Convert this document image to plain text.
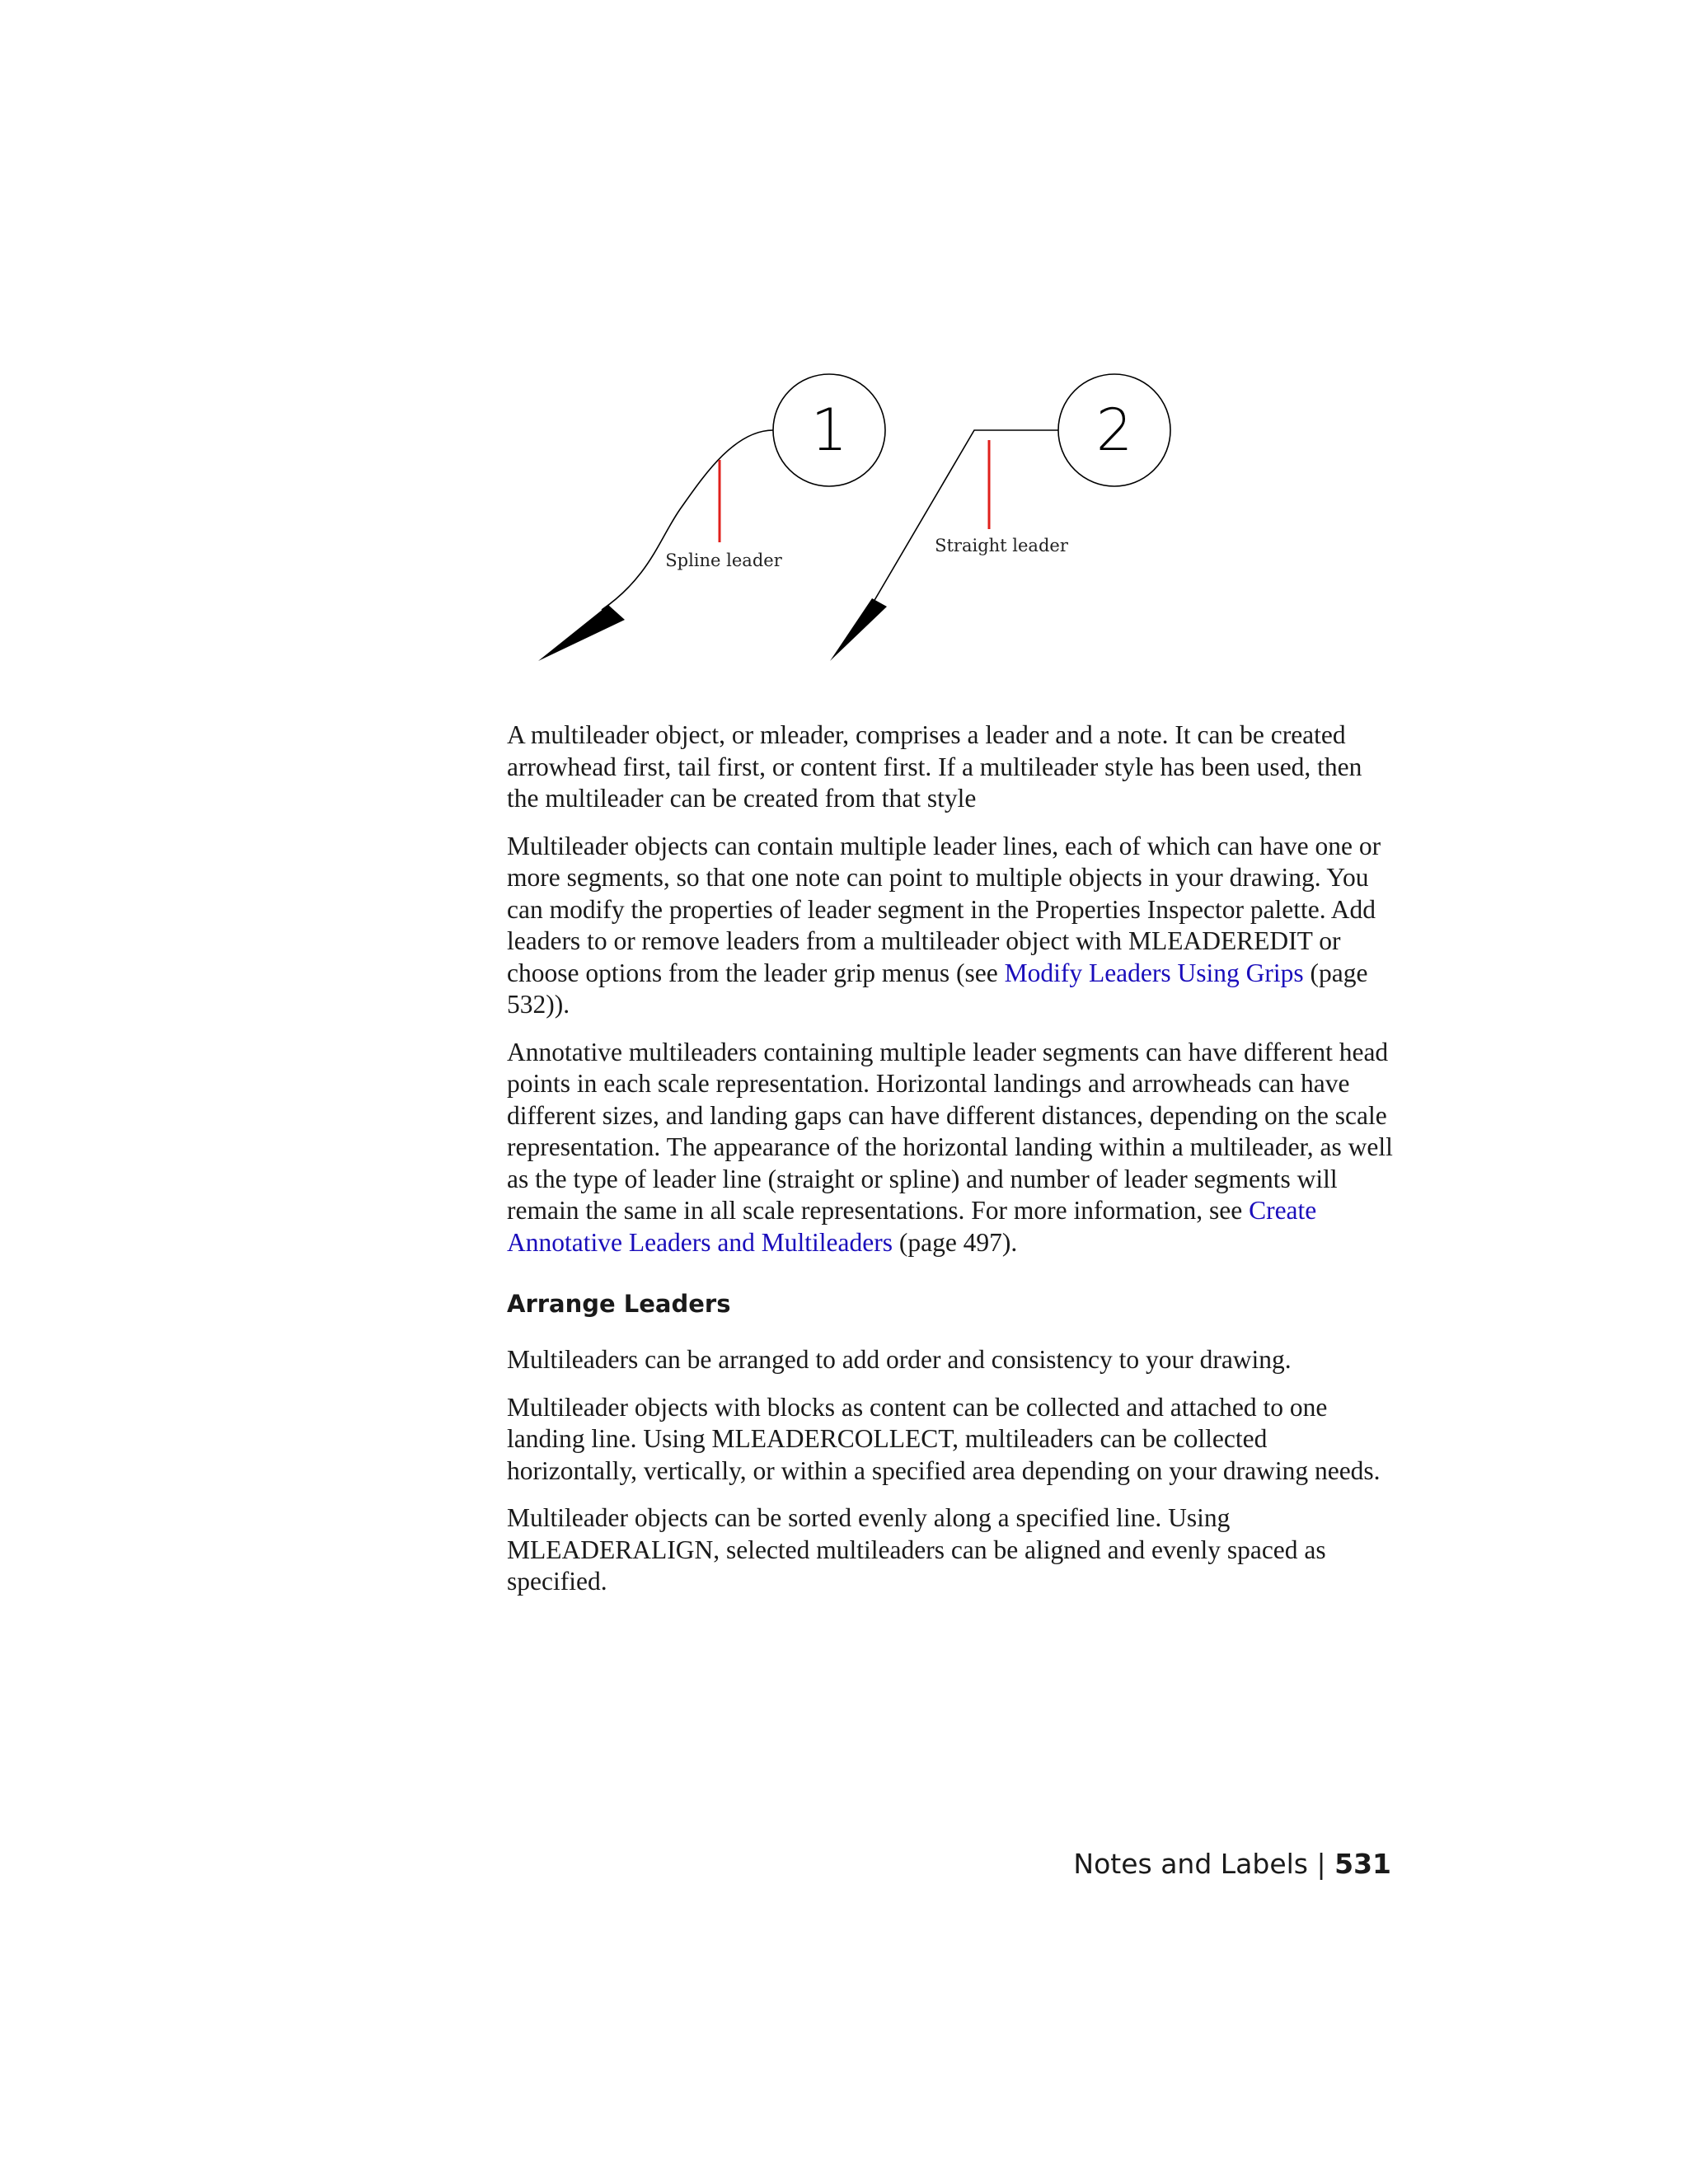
1
Spline leader
2
Straight leader

A multileader object, or mleader, comprises a leader and a note. It can be created arrowhead first, tail first, or content first. If a multileader style has been used, then the multileader can be created from that style

Multileader objects can contain multiple leader lines, each of which can have one or more segments, so that one note can point to multiple objects in your drawing. You can modify the properties of leader segment in the Properties Inspector palette. Add leaders to or remove leaders from a multileader object with MLEADEREDIT or choose options from the leader grip menus (see Modify Leaders Using Grips (page 532)).

Annotative multileaders containing multiple leader segments can have different head points in each scale representation. Horizontal landings and arrowheads can have different sizes, and landing gaps can have different distances, depending on the scale representation. The appearance of the horizontal landing within a multileader, as well as the type of leader line (straight or spline) and number of leader segments will remain the same in all scale representations. For more information, see Create Annotative Leaders and Multileaders (page 497).

Arrange Leaders

Multileaders can be arranged to add order and consistency to your drawing.

Multileader objects with blocks as content can be collected and attached to one landing line. Using MLEADERCOLLECT, multileaders can be collected horizontally, vertically, or within a specified area depending on your drawing needs.

Multileader objects can be sorted evenly along a specified line. Using MLEADERALIGN, selected multileaders can be aligned and evenly spaced as specified.

Notes and Labels | 531
